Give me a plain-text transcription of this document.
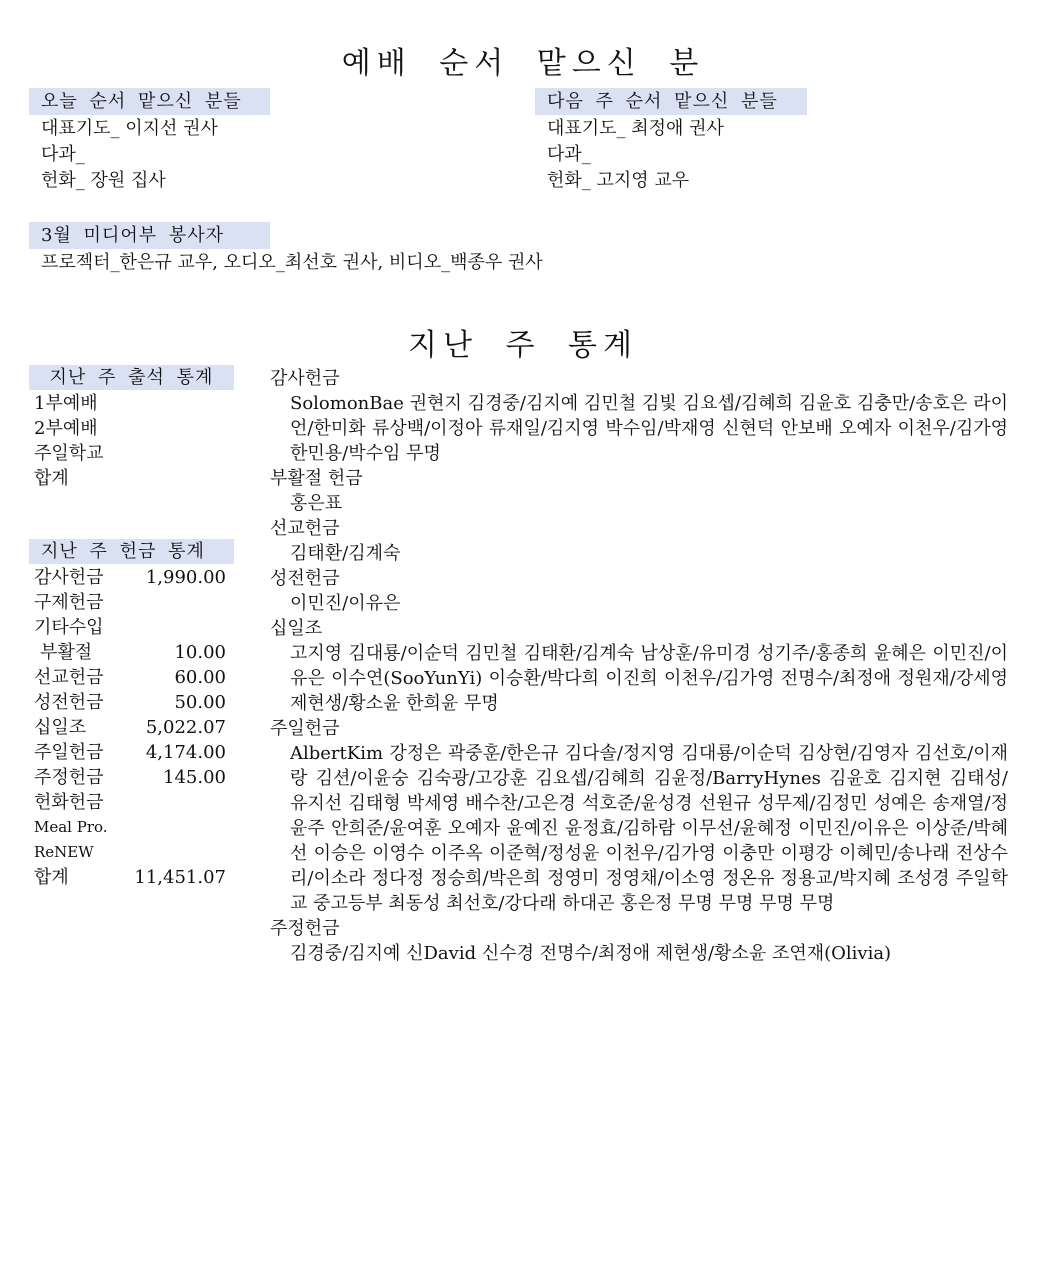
예배 순서 맡으신 분
오늘 순서 맡으신 분들
대표기도_ 이지선 권사
다과_
헌화_ 장원 집사
다음 주 순서 맡으신 분들
대표기도_ 최정애 권사
다과_
헌화_ 고지영 교우
3월 미디어부 봉사자
프로젝터_한은규 교우, 오디오_최선호 권사, 비디오_백종우 권사
지난 주 통계
지난 주 출석 통계
1부예배
2부예배
주일학교
합계
지난 주 헌금 통계
감사헌금 1,990.00
구제헌금
기타수입
부활절	10.00
선교헌금	60.00
성전헌금	50.00
십일조	5,022.07
주일헌금 4,174.00
주정헌금	145.00
헌화헌금
Meal Pro.
ReNEW
합계	11,451.07
감사헌금
SolomonBae 권현지 김경중/김지예 김민철 김빛 김요셉/김혜희 김윤호 김충만/송호은 라이언/한미화 류상백/이정아 류재일/김지영 박수임/박재영 신현덕 안보배 오예자 이천우/김가영 한민용/박수임 무명
부활절 헌금
홍은표
선교헌금
김태환/김계숙
성전헌금
이민진/이유은
십일조
고지영 김대룡/이순덕 김민철 김태환/김계숙 남상훈/유미경 성기주/홍종희 윤혜은 이민진/이유은 이수연(SooYunYi) 이승환/박다희 이진희 이천우/김가영 전명수/최정애 정원재/강세영 제현생/황소윤 한희윤 무명
주일헌금
AlbertKim 강정은 곽중훈/한은규 김다솔/정지영 김대룡/이순덕 김상현/김영자 김선호/이재랑 김션/이윤숭 김숙광/고강훈 김요셉/김혜희 김윤정/BarryHynes 김윤호 김지현 김태성/유지선 김태형 박세영 배수찬/고은경 석호준/윤성경 선원규 성무제/김정민 성예은 송재열/정윤주 안희준/윤여훈 오예자 윤예진 윤정효/김하람 이무선/윤혜정 이민진/이유은 이상준/박혜선 이승은 이영수 이주옥 이준혁/정성윤 이천우/김가영 이충만 이평강 이혜민/송나래 전상수리/이소라 정다정 정승희/박은희 정영미 정영채/이소영 정온유 정용교/박지혜 조성경 주일학교 중고등부 최동성 최선호/강다래 하대곤 홍은정 무명 무명 무명 무명
주정헌금
김경중/김지예 신David 신수경 전명수/최정애 제현생/황소윤 조연재(Olivia)
